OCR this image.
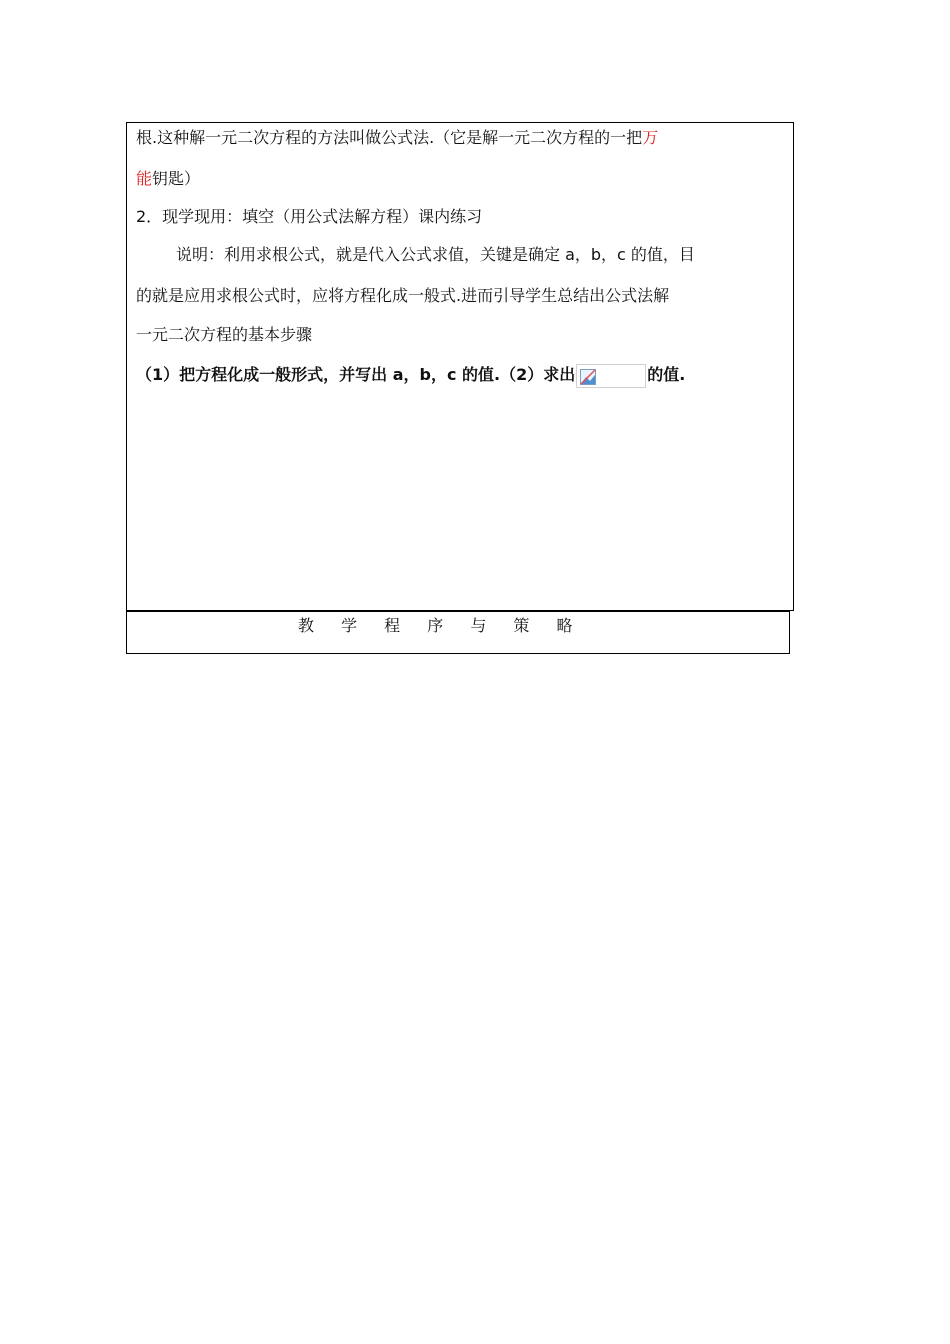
根.这种解一元二次方程的方法叫做公式法.（它是解一元二次方程的一把万
能钥匙）
2．现学现用：填空（用公式法解方程）课内练习
说明：利用求根公式，就是代入公式求值，关键是确定 a，b，c 的值，目
的就是应用求根公式时，应将方程化成一般式.进而引导学生总结出公式法解
一元二次方程的基本步骤
（1）把方程化成一般形式，并写出 a，b，c 的值.（2）求出	的值.
教 学 程 序 与 策 略
